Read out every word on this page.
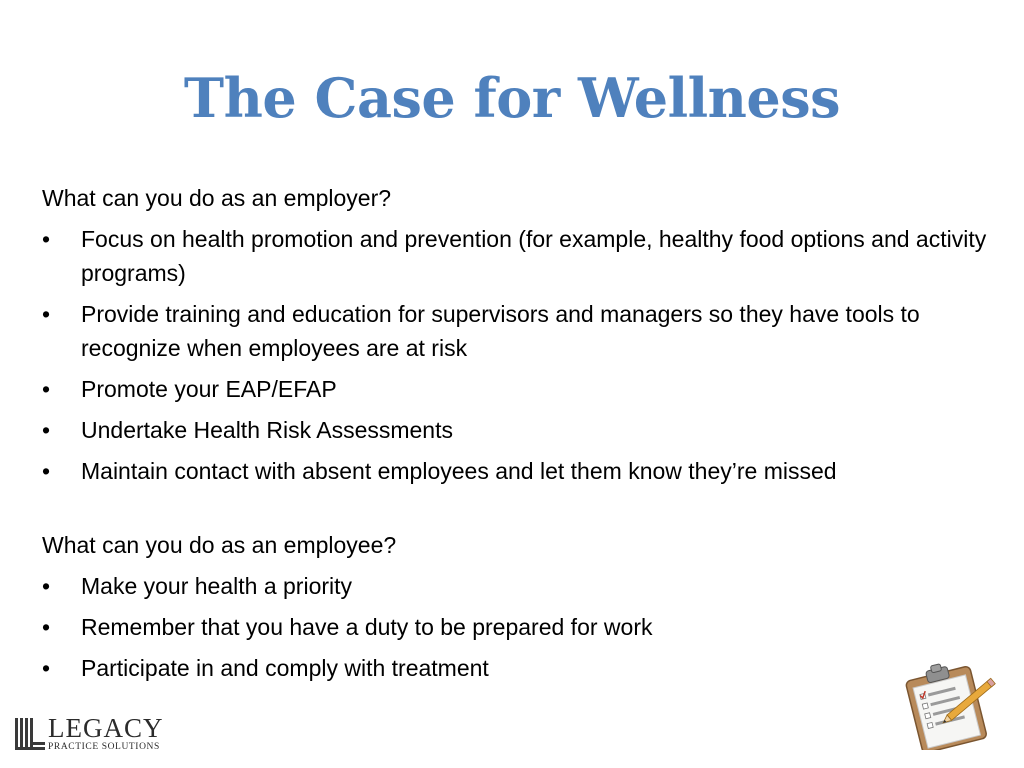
The Case for Wellness

What can you do as an employer?

•	Focus on health promotion and prevention (for example, healthy food options and activity programs)
•	Provide training and education for supervisors and managers so they have tools to recognize when employees are at risk
•	Promote your EAP/EFAP
•	Undertake Health Risk Assessments
•	Maintain contact with absent employees and let them know they’re missed

What can you do as an employee?

•	Make your health a priority
•	Remember that you have a duty to be prepared for work
•	Participate in and comply with treatment
LEGACY
PRACTICE SOLUTIONS
